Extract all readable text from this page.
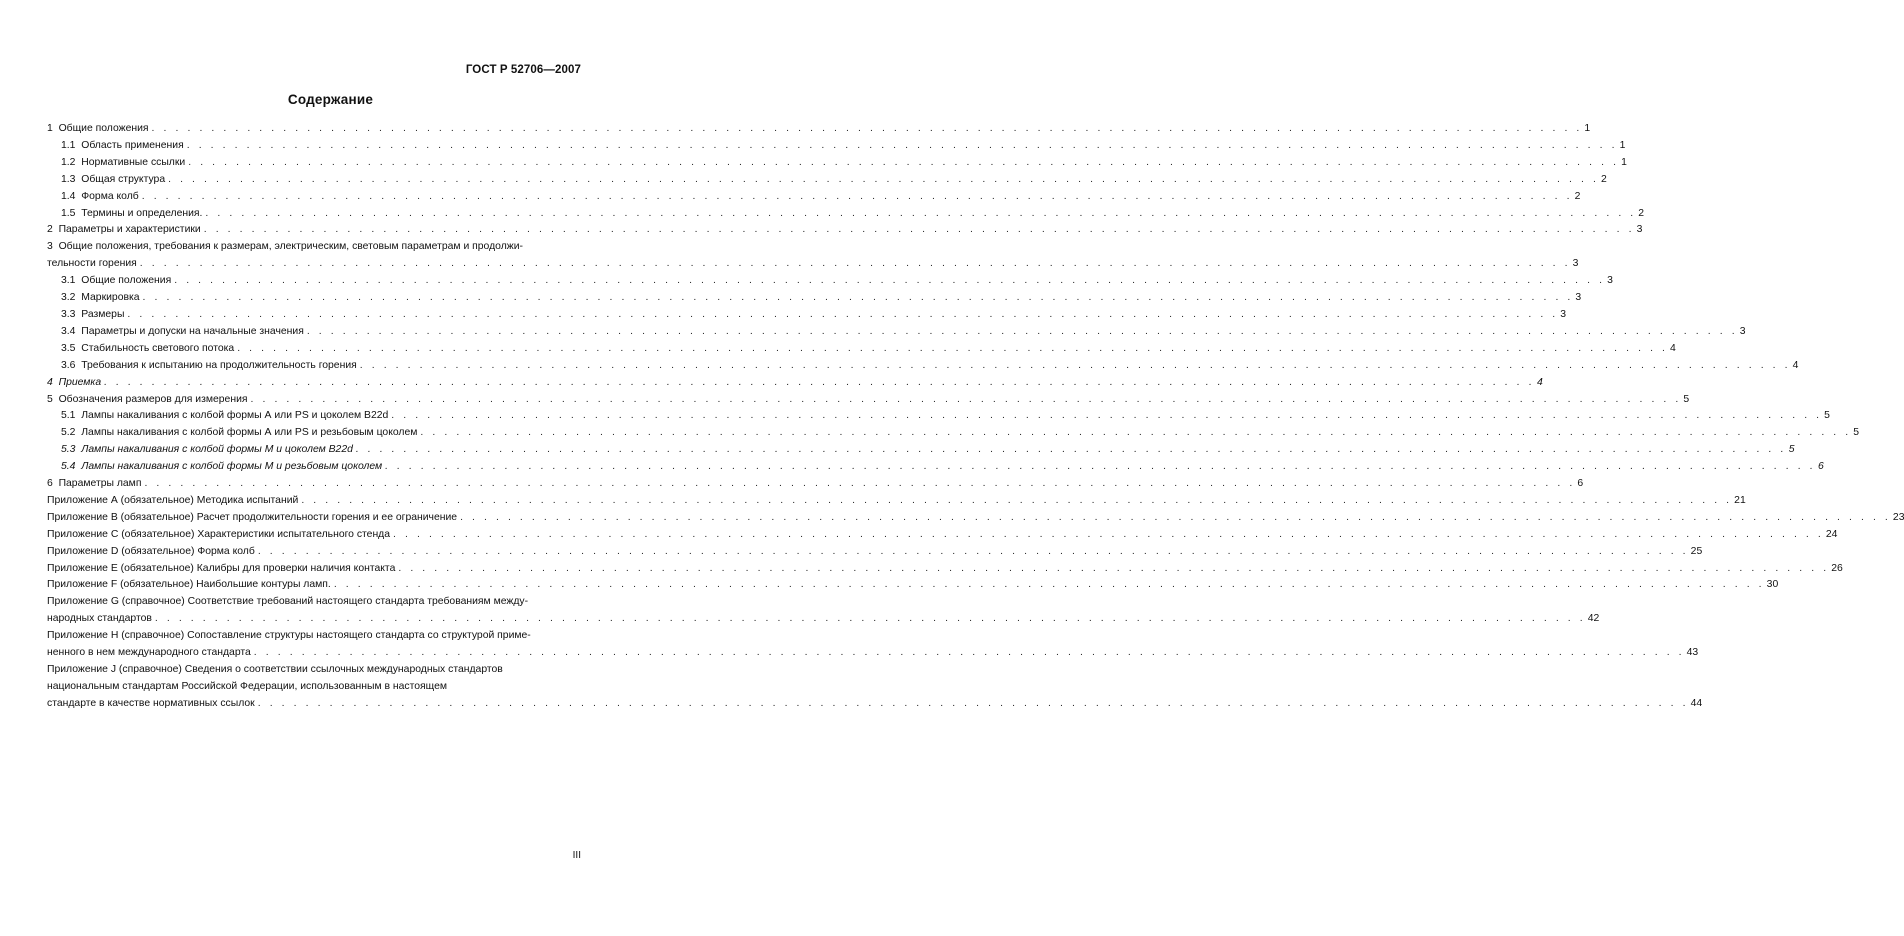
ГОСТ Р 52706—2007
Содержание
1 Общие положения . . . . . . . . . . . . . . . . . . . . . . . . . . . . . . . . . . . . . . . . . . . . . . . . . . . . . . . . . . . . . . . . . . . . . . . . . . . . . . . . . . . . . . . . . . . . . . . . . . . . . . . . . . . . . . . . . . . . . . . . 1
1.1 Область применения . . . . . . . . . . . . . . . . . . . . . . . . . . . . . . . . . . . . . . . . . . . . . . . . . . . . . . . . . . . . . . . . . . . . . . . . . . . . . . . . . . . . . . . . . . . . . . . . . . . . . . . . . . . . . . . . . . . . . . . . 1
1.2 Нормативные ссылки . . . . . . . . . . . . . . . . . . . . . . . . . . . . . . . . . . . . . . . . . . . . . . . . . . . . . . . . . . . . . . . . . . . . . . . . . . . . . . . . . . . . . . . . . . . . . . . . . . . . . . . . . . . . . . . . . . . . . . . . 1
1.3 Общая структура . . . . . . . . . . . . . . . . . . . . . . . . . . . . . . . . . . . . . . . . . . . . . . . . . . . . . . . . . . . . . . . . . . . . . . . . . . . . . . . . . . . . . . . . . . . . . . . . . . . . . . . . . . . . . . . . . . . . . . . . 2
1.4 Форма колб . . . . . . . . . . . . . . . . . . . . . . . . . . . . . . . . . . . . . . . . . . . . . . . . . . . . . . . . . . . . . . . . . . . . . . . . . . . . . . . . . . . . . . . . . . . . . . . . . . . . . . . . . . . . . . . . . . . . . . . . 2
1.5 Термины и определения. . . . . . . . . . . . . . . . . . . . . . . . . . . . . . . . . . . . . . . . . . . . . . . . . . . . . . . . . . . . . . . . . . . . . . . . . . . . . . . . . . . . . . . . . . . . . . . . . . . . . . . . . . . . . . . . . . . . . . . . . 2
2 Параметры и характеристики . . . . . . . . . . . . . . . . . . . . . . . . . . . . . . . . . . . . . . . . . . . . . . . . . . . . . . . . . . . . . . . . . . . . . . . . . . . . . . . . . . . . . . . . . . . . . . . . . . . . . . . . . . . . . . . . . . . . . . . . 3
3 Общие положения, требования к размерам, электрическим, световым параметрам и продолжи-
тельности горения . . . . . . . . . . . . . . . . . . . . . . . . . . . . . . . . . . . . . . . . . . . . . . . . . . . . . . . . . . . . . . . . . . . . . . . . . . . . . . . . . . . . . . . . . . . . . . . . . . . . . . . . . . . . . . . . . . . . . . . . 3
3.1 Общие положения . . . . . . . . . . . . . . . . . . . . . . . . . . . . . . . . . . . . . . . . . . . . . . . . . . . . . . . . . . . . . . . . . . . . . . . . . . . . . . . . . . . . . . . . . . . . . . . . . . . . . . . . . . . . . . . . . . . . . . . . 3
3.2 Маркировка . . . . . . . . . . . . . . . . . . . . . . . . . . . . . . . . . . . . . . . . . . . . . . . . . . . . . . . . . . . . . . . . . . . . . . . . . . . . . . . . . . . . . . . . . . . . . . . . . . . . . . . . . . . . . . . . . . . . . . . . 3
3.3 Размеры . . . . . . . . . . . . . . . . . . . . . . . . . . . . . . . . . . . . . . . . . . . . . . . . . . . . . . . . . . . . . . . . . . . . . . . . . . . . . . . . . . . . . . . . . . . . . . . . . . . . . . . . . . . . . . . . . . . . . . . . 3
3.4 Параметры и допуски на начальные значения . . . . . . . . . . . . . . . . . . . . . . . . . . . . . . . . . . . . . . . . . . . . . . . . . . . . . . . . . . . . . . . . . . . . . . . . . . . . . . . . . . . . . . . . . . . . . . . . . . . . . . . . . . . . . . . . . . . . . . . . 3
3.5 Стабильность светового потока . . . . . . . . . . . . . . . . . . . . . . . . . . . . . . . . . . . . . . . . . . . . . . . . . . . . . . . . . . . . . . . . . . . . . . . . . . . . . . . . . . . . . . . . . . . . . . . . . . . . . . . . . . . . . . . . . . . . . . . . 4
3.6 Требования к испытанию на продолжительность горения . . . . . . . . . . . . . . . . . . . . . . . . . . . . . . . . . . . . . . . . . . . . . . . . . . . . . . . . . . . . . . . . . . . . . . . . . . . . . . . . . . . . . . . . . . . . . . . . . . . . . . . . . . . . . . . . . . . . . . . . 4
4 Приемка . . . . . . . . . . . . . . . . . . . . . . . . . . . . . . . . . . . . . . . . . . . . . . . . . . . . . . . . . . . . . . . . . . . . . . . . . . . . . . . . . . . . . . . . . . . . . . . . . . . . . . . . . . . . . . . . . . . . . . . . 4
5 Обозначения размеров для измерения . . . . . . . . . . . . . . . . . . . . . . . . . . . . . . . . . . . . . . . . . . . . . . . . . . . . . . . . . . . . . . . . . . . . . . . . . . . . . . . . . . . . . . . . . . . . . . . . . . . . . . . . . . . . . . . . . . . . . . . . 5
5.1 Лампы накаливания с колбой формы А или PS и цоколем B22d . . . . . . . . . . . . . . . . . . . . . . . . . . . . . . . . . . . . . . . . . . . . . . . . . . . . . . . . . . . . . . . . . . . . . . . . . . . . . . . . . . . . . . . . . . . . . . . . . . . . . . . . . . . . . . . . . . . . . . . . 5
5.2 Лампы накаливания с колбой формы А или PS и резьбовым цоколем . . . . . . . . . . . . . . . . . . . . . . . . . . . . . . . . . . . . . . . . . . . . . . . . . . . . . . . . . . . . . . . . . . . . . . . . . . . . . . . . . . . . . . . . . . . . . . . . . . . . . . . . . . . . . . . . . . . . . . . . 5
5.3 Лампы накаливания с колбой формы М и цоколем B22d . . . . . . . . . . . . . . . . . . . . . . . . . . . . . . . . . . . . . . . . . . . . . . . . . . . . . . . . . . . . . . . . . . . . . . . . . . . . . . . . . . . . . . . . . . . . . . . . . . . . . . . . . . . . . . . . . . . . . . . . 5
5.4 Лампы накаливания с колбой формы М и резьбовым цоколем . . . . . . . . . . . . . . . . . . . . . . . . . . . . . . . . . . . . . . . . . . . . . . . . . . . . . . . . . . . . . . . . . . . . . . . . . . . . . . . . . . . . . . . . . . . . . . . . . . . . . . . . . . . . . . . . . . . . . . . . 6
6 Параметры ламп . . . . . . . . . . . . . . . . . . . . . . . . . . . . . . . . . . . . . . . . . . . . . . . . . . . . . . . . . . . . . . . . . . . . . . . . . . . . . . . . . . . . . . . . . . . . . . . . . . . . . . . . . . . . . . . . . . . . . . . . 6
Приложение А (обязательное) Методика испытаний . . . . . . . . . . . . . . . . . . . . . . . . . . . . . . . . . . . . . . . . . . . . . . . . . . . . . . . . . . . . . . . . . . . . . . . . . . . . . . . . . . . . . . . . . . . . . . . . . . . . . . . . . . . . . . . . . . . . . . . . 21
Приложение В (обязательное) Расчет продолжительности горения и ее ограничение . . . . . . . . . . . . . . . . . . . . . . . . . . . . . . . . . . . . . . . . . . . . . . . . . . . . . . . . . . . . . . . . . . . . . . . . . . . . . . . . . . . . . . . . . . . . . . . . . . . . . . . . . . . . . . . . . . . . . . . . 23
Приложение С (обязательное) Характеристики испытательного стенда . . . . . . . . . . . . . . . . . . . . . . . . . . . . . . . . . . . . . . . . . . . . . . . . . . . . . . . . . . . . . . . . . . . . . . . . . . . . . . . . . . . . . . . . . . . . . . . . . . . . . . . . . . . . . . . . . . . . . . . . 24
Приложение D (обязательное) Форма колб . . . . . . . . . . . . . . . . . . . . . . . . . . . . . . . . . . . . . . . . . . . . . . . . . . . . . . . . . . . . . . . . . . . . . . . . . . . . . . . . . . . . . . . . . . . . . . . . . . . . . . . . . . . . . . . . . . . . . . . . 25
Приложение Е (обязательное) Калибры для проверки наличия контакта . . . . . . . . . . . . . . . . . . . . . . . . . . . . . . . . . . . . . . . . . . . . . . . . . . . . . . . . . . . . . . . . . . . . . . . . . . . . . . . . . . . . . . . . . . . . . . . . . . . . . . . . . . . . . . . . . . . . . . . . 26
Приложение F (обязательное) Наибольшие контуры ламп. . . . . . . . . . . . . . . . . . . . . . . . . . . . . . . . . . . . . . . . . . . . . . . . . . . . . . . . . . . . . . . . . . . . . . . . . . . . . . . . . . . . . . . . . . . . . . . . . . . . . . . . . . . . . . . . . . . . . . . . . 30
Приложение G (справочное) Соответствие требований настоящего стандарта требованиям между-
народных стандартов . . . . . . . . . . . . . . . . . . . . . . . . . . . . . . . . . . . . . . . . . . . . . . . . . . . . . . . . . . . . . . . . . . . . . . . . . . . . . . . . . . . . . . . . . . . . . . . . . . . . . . . . . . . . . . . . . . . . . . . . 42
Приложение Н (справочное) Сопоставление структуры настоящего стандарта со структурой приме-
ненного в нем международного стандарта . . . . . . . . . . . . . . . . . . . . . . . . . . . . . . . . . . . . . . . . . . . . . . . . . . . . . . . . . . . . . . . . . . . . . . . . . . . . . . . . . . . . . . . . . . . . . . . . . . . . . . . . . . . . . . . . . . . . . . . . 43
Приложение J (справочное) Сведения о соответствии ссылочных международных стандартов
национальным стандартам Российской Федерации, использованным в настоящем
стандарте в качестве нормативных ссылок . . . . . . . . . . . . . . . . . . . . . . . . . . . . . . . . . . . . . . . . . . . . . . . . . . . . . . . . . . . . . . . . . . . . . . . . . . . . . . . . . . . . . . . . . . . . . . . . . . . . . . . . . . . . . . . . . . . . . . . . 44
III
